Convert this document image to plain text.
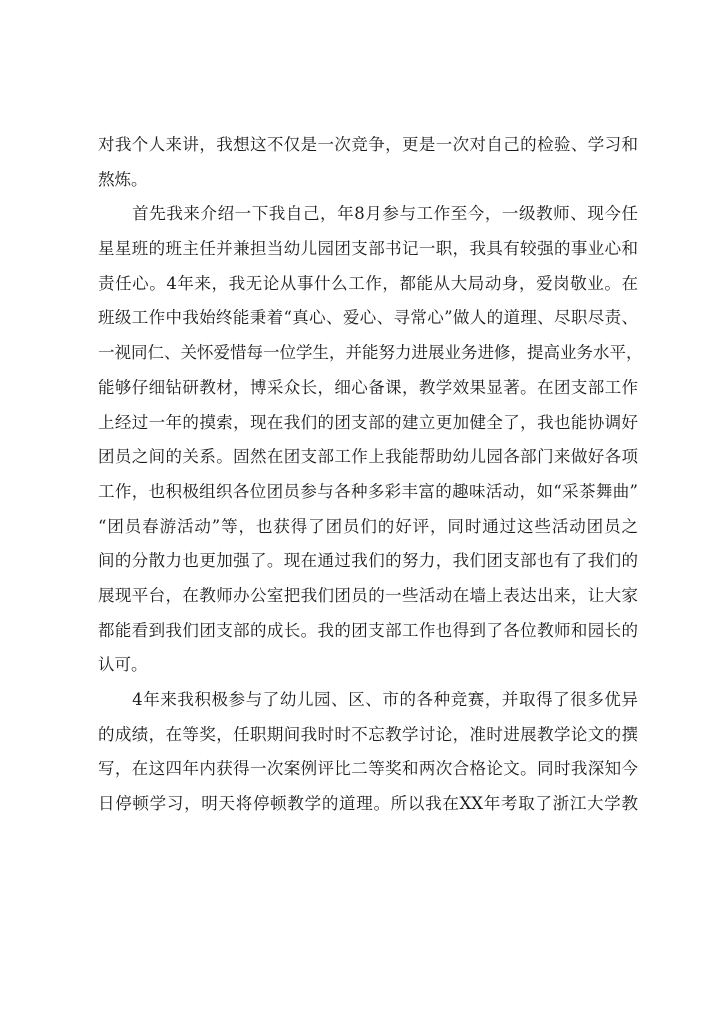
对我个人来讲，我想这不仅是一次竞争，更是一次对自己的检验、学习和
熬炼。
　　首先我来介绍一下我自己，年8月参与工作至今，一级教师、现今任
星星班的班主任并兼担当幼儿园团支部书记一职，我具有较强的事业心和
责任心。4年来，我无论从事什么工作，都能从大局动身，爱岗敬业。在
班级工作中我始终能秉着“真心、爱心、寻常心”做人的道理、尽职尽责、
一视同仁、关怀爱惜每一位学生，并能努力进展业务进修，提高业务水平，
能够仔细钻研教材，博采众长，细心备课，教学效果显著。在团支部工作
上经过一年的摸索，现在我们的团支部的建立更加健全了，我也能协调好
团员之间的关系。固然在团支部工作上我能帮助幼儿园各部门来做好各项
工作，也积极组织各位团员参与各种多彩丰富的趣味活动，如“采茶舞曲”
“团员春游活动”等，也获得了团员们的好评，同时通过这些活动团员之
间的分散力也更加强了。现在通过我们的努力，我们团支部也有了我们的
展现平台，在教师办公室把我们团员的一些活动在墙上表达出来，让大家
都能看到我们团支部的成长。我的团支部工作也得到了各位教师和园长的
认可。
　　4年来我积极参与了幼儿园、区、市的各种竞赛，并取得了很多优异
的成绩，在等奖，任职期间我时时不忘教学讨论，准时进展教学论文的撰
写，在这四年内获得一次案例评比二等奖和两次合格论文。同时我深知今
日停顿学习，明天将停顿教学的道理。所以我在XX年考取了浙江大学教
